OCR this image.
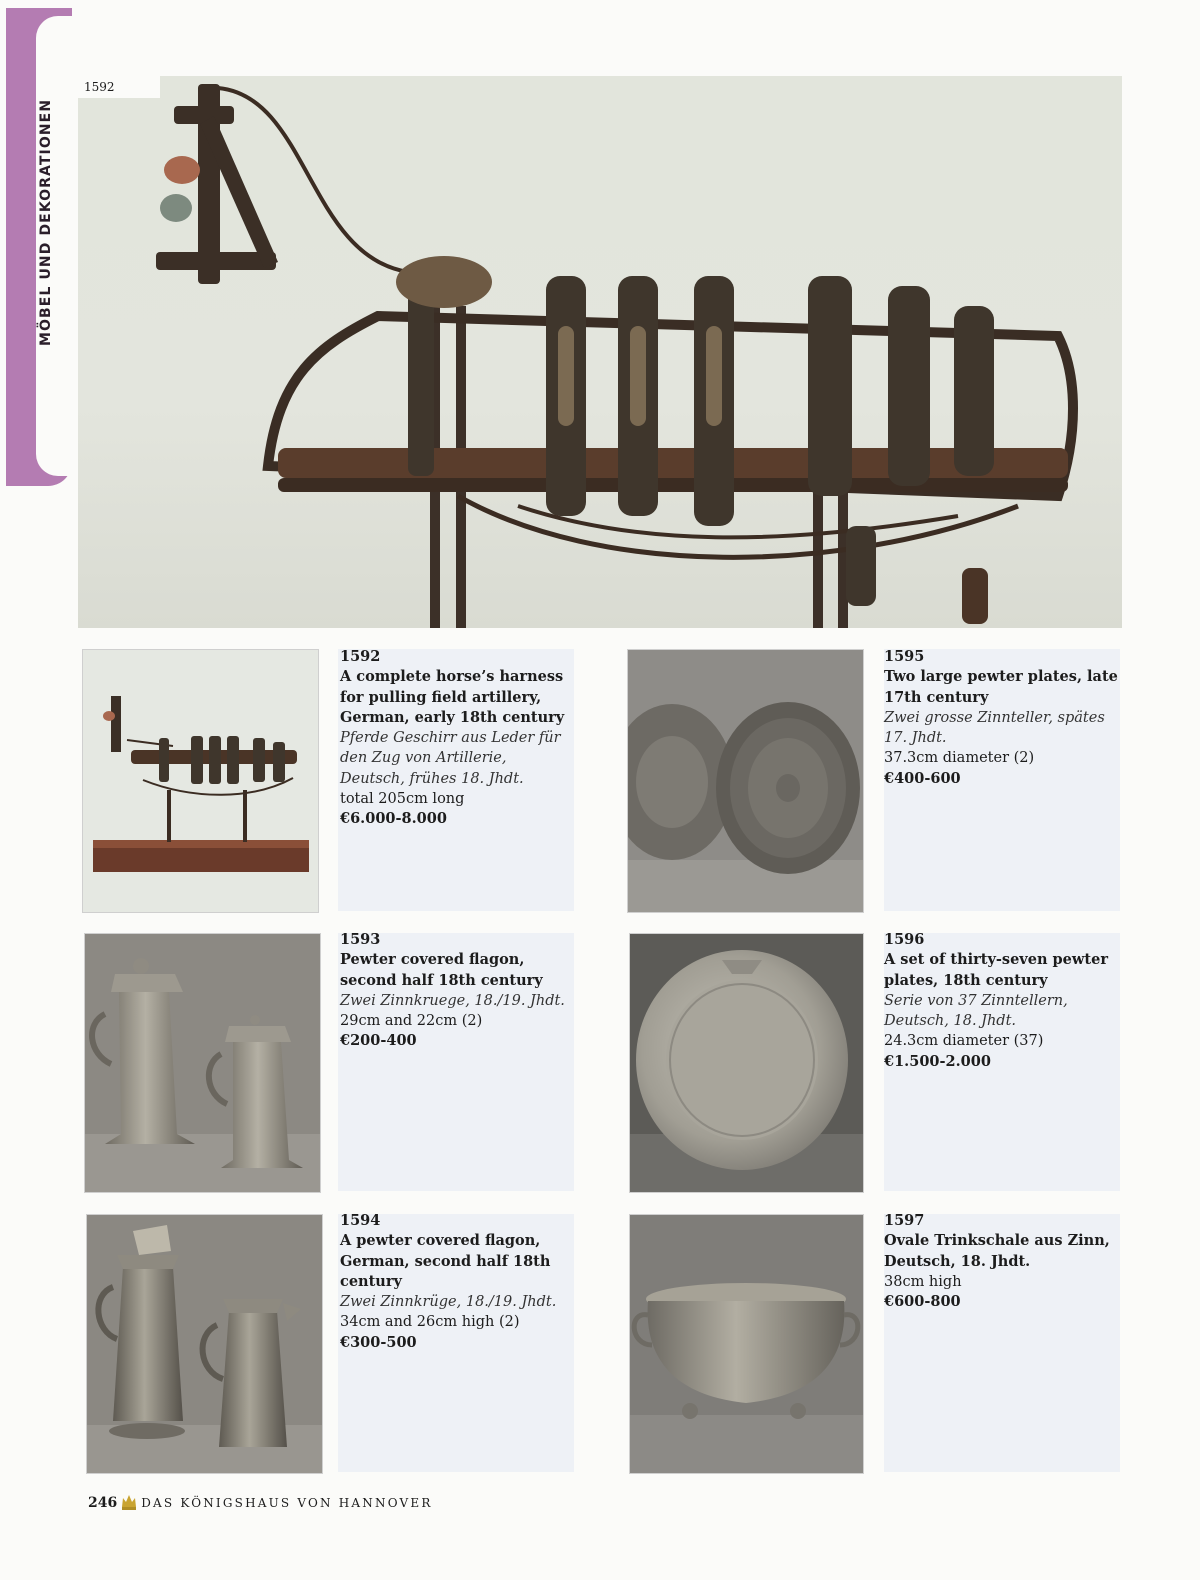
MÖBEL UND DEKORATIONEN
1592
1592
A complete horse’s harness for pulling field artillery, German, early 18th century
Pferde Geschirr aus Leder für den Zug von Artillerie, Deutsch, frühes 18. Jhdt.
total 205cm long
€6.000-8.000
1593
Pewter covered flagon, second half 18th century
Zwei Zinnkruege, 18./19. Jhdt.
29cm and 22cm (2)
€200-400
1594
A pewter covered flagon, German, second half 18th century
Zwei Zinnkrüge, 18./19. Jhdt.
34cm and 26cm high (2)
€300-500
1595
Two large pewter plates, late 17th century
Zwei grosse Zinnteller, spätes 17. Jhdt.
37.3cm diameter (2)
€400-600
1596
A set of thirty-seven pewter plates, 18th century
Serie von 37 Zinntellern, Deutsch, 18. Jhdt.
24.3cm diameter (37)
€1.500-2.000
1597
Ovale Trinkschale aus Zinn, Deutsch, 18. Jhdt.
38cm high
€600-800
246 DAS KÖNIGSHAUS VON HANNOVER
